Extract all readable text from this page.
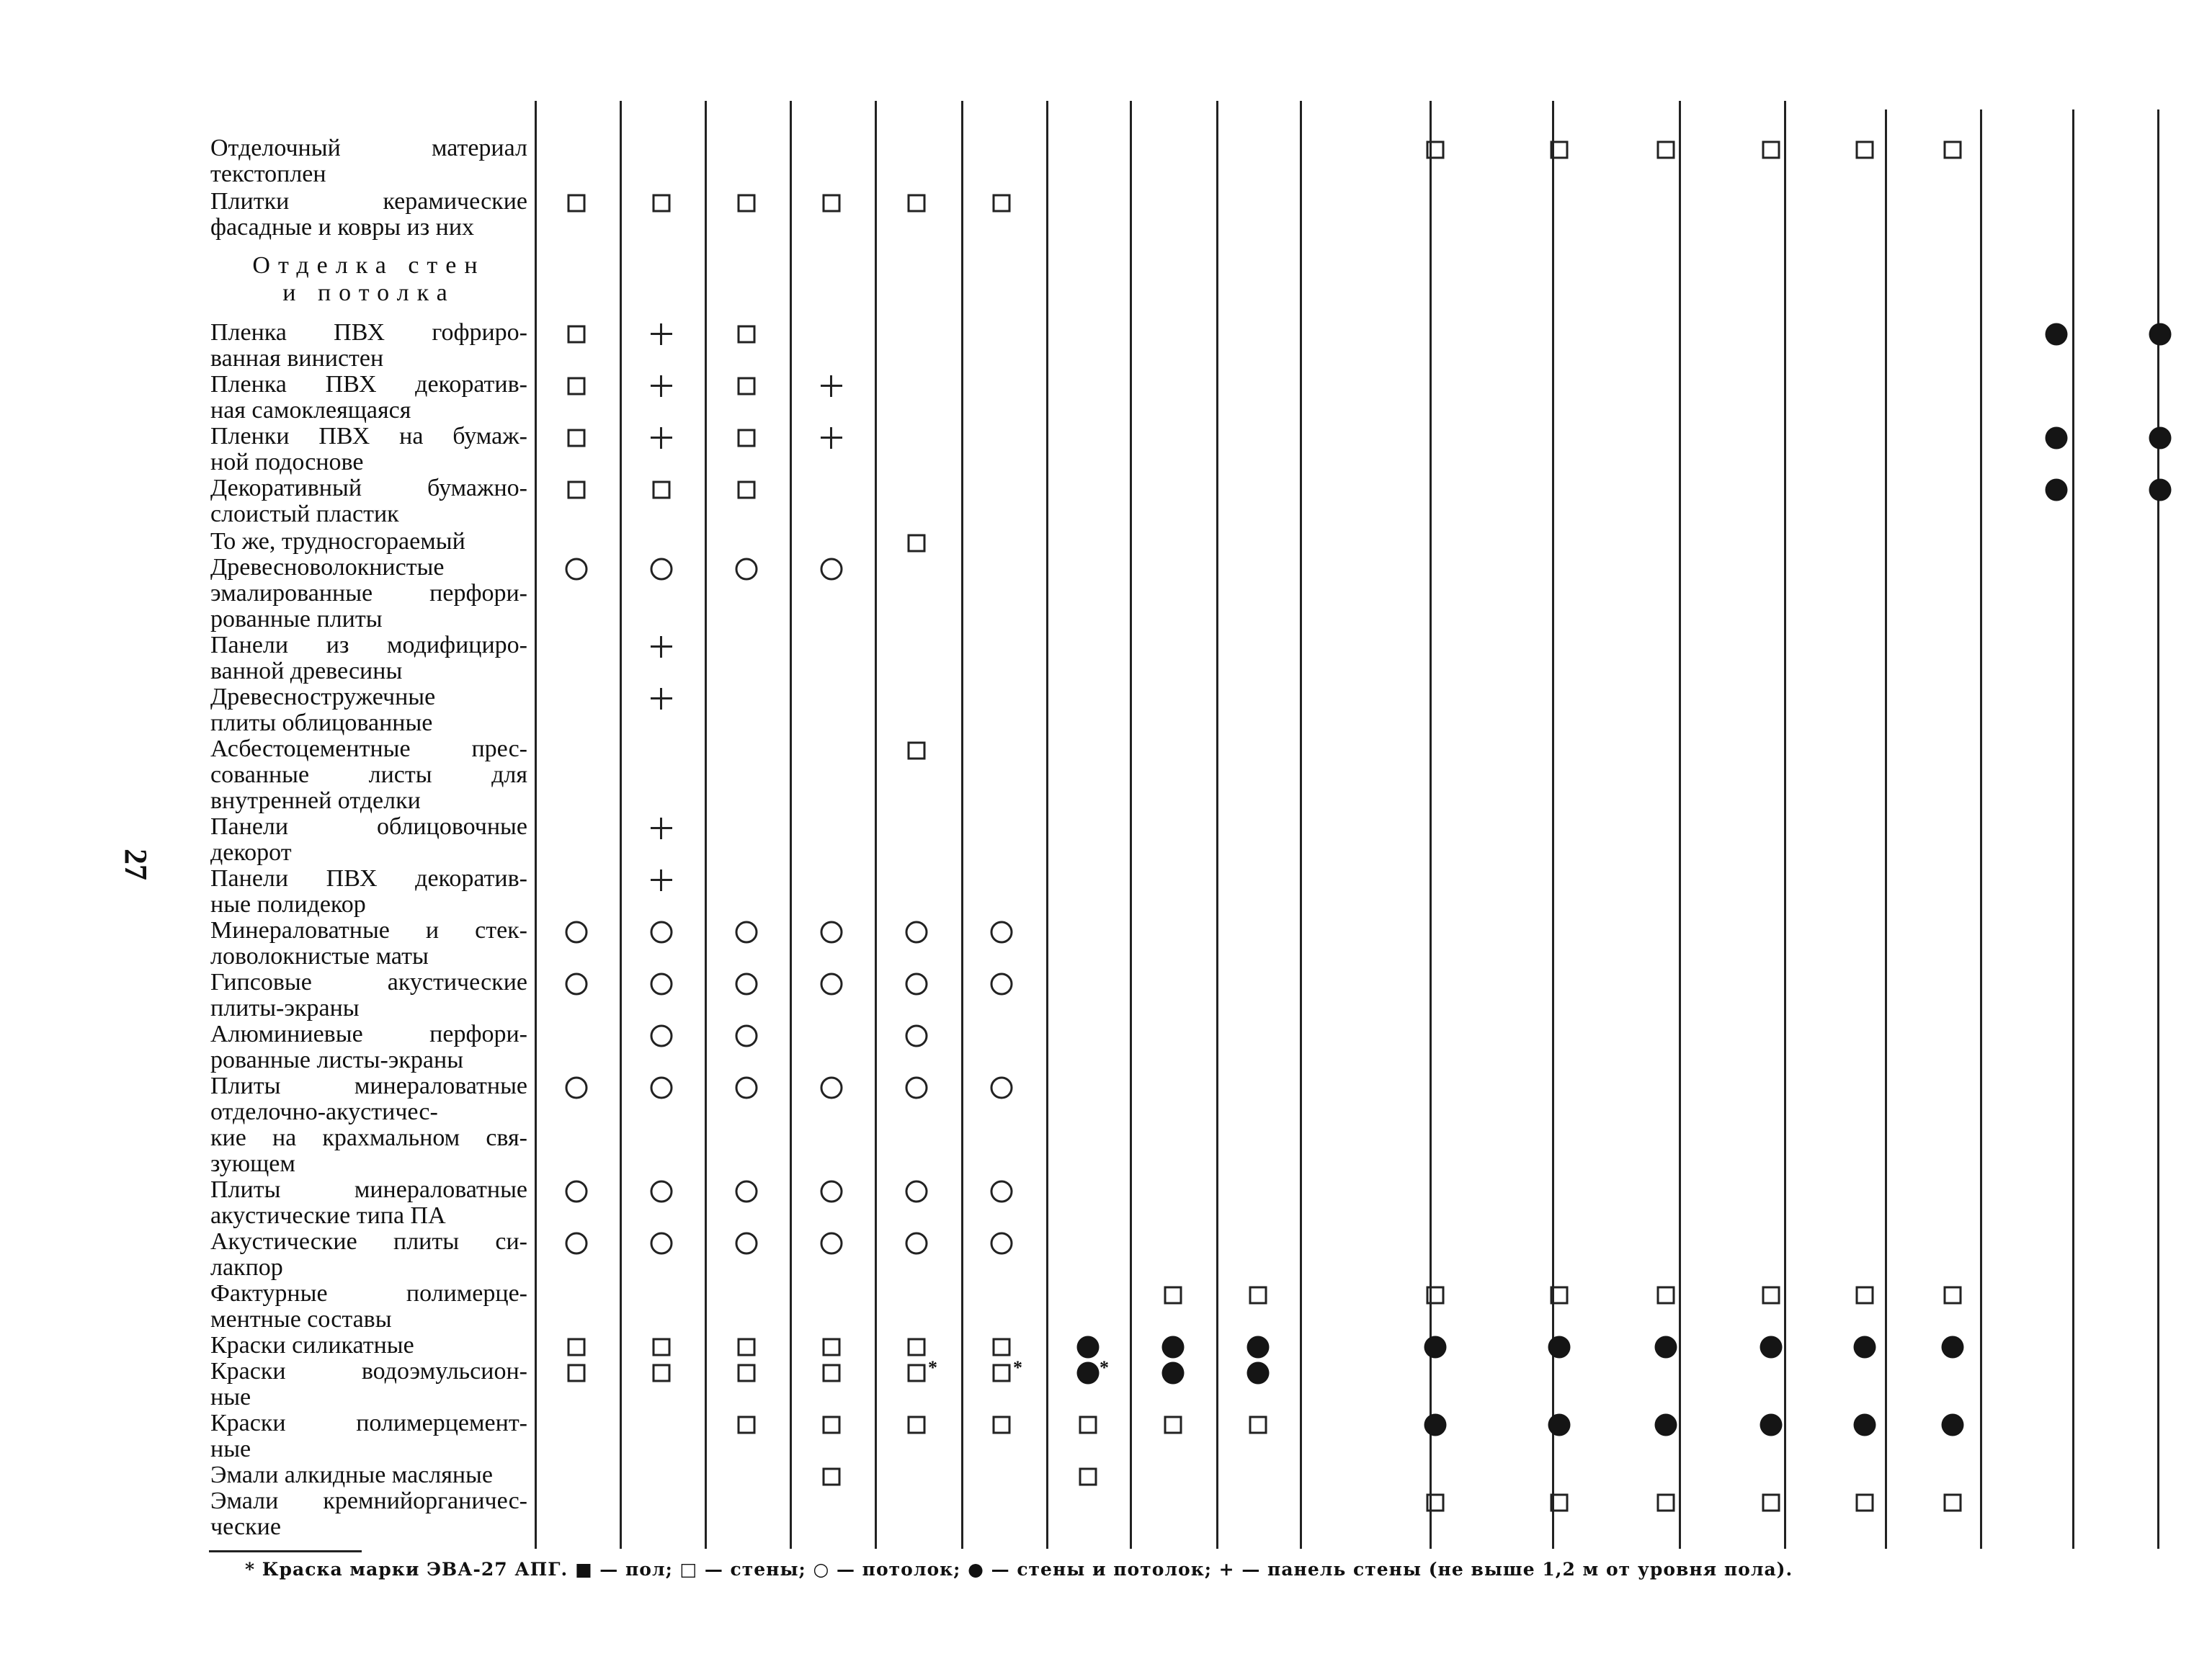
27
Отделка стен
и потолка
Отделочный материал
текстоплен
Плитки керамические
фасадные и ковры из них
Пленка ПВХ гофриро-
ванная винистен
Пленка ПВХ декоратив-
ная самоклеящаяся
Пленки ПВХ на бумаж-
ной подоснове
Декоративный бумажно-
слоистый пластик
То же, трудносгораемый
Древесноволокнистые
эмалированные перфори-
рованные плиты
Панели из модифициро-
ванной древесины
Древесностружечные
плиты облицованные
Асбестоцементные прес-
сованные листы для
внутренней отделки
Панели облицовочные
декорот
Панели ПВХ декоратив-
ные полидекор
Минераловатные и стек-
ловолокнистые маты
Гипсовые акустические
плиты-экраны
Алюминиевые перфори-
рованные листы-экраны
Плиты минераловатные
отделочно-акустичес-
кие на крахмальном свя-
зующем
Плиты минераловатные
акустические типа ПА
Акустические плиты си-
лакпор
Фактурные полимерце-
ментные составы
Краски силикатные
Краски водоэмульсион-
ные
*	*	*
Краски полимерцемент-
ные
Эмали алкидные масляные
Эмали кремнийорганичес-
ческие
* Краска марки ЭВА-27 АПГ. ■ — пол; □ — стены; ○ — потолок; ● — стены и потолок; + — панель стены (не выше 1,2 м от уровня пола).
